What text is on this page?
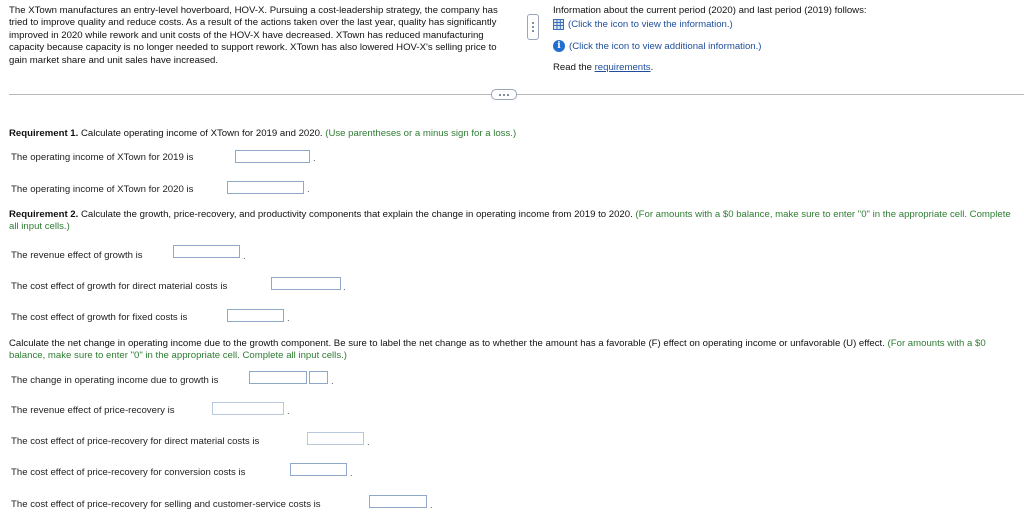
The XTown manufactures an entry-level hoverboard, HOV-X. Pursuing a cost-leadership strategy, the company has tried to improve quality and reduce costs. As a result of the actions taken over the last year, quality has significantly improved in 2020 while rework and unit costs of the HOV-X have decreased. XTown has reduced manufacturing capacity because capacity is no longer needed to support rework. XTown has also lowered HOV-X's selling price to gain market share and unit sales have increased.
Information about the current period (2020) and last period (2019) follows:
(Click the icon to view the information.)
i (Click the icon to view additional information.)
Read the requirements.
Requirement 1. Calculate operating income of XTown for 2019 and 2020. (Use parentheses or a minus sign for a loss.)
The operating income of XTown for 2019 is	.
The operating income of XTown for 2020 is	.
Requirement 2. Calculate the growth, price-recovery, and productivity components that explain the change in operating income from 2019 to 2020. (For amounts with a $0 balance, make sure to enter "0" in the appropriate cell. Complete all input cells.)
The revenue effect of growth is	.
The cost effect of growth for direct material costs is	.
The cost effect of growth for fixed costs is	.
Calculate the net change in operating income due to the growth component. Be sure to label the net change as to whether the amount has a favorable (F) effect on operating income or unfavorable (U) effect. (For amounts with a $0 balance, make sure to enter "0" in the appropriate cell. Complete all input cells.)
The change in operating income due to growth is	.
The revenue effect of price-recovery is	.
The cost effect of price-recovery for direct material costs is	.
The cost effect of price-recovery for conversion costs is	.
The cost effect of price-recovery for selling and customer-service costs is	.
